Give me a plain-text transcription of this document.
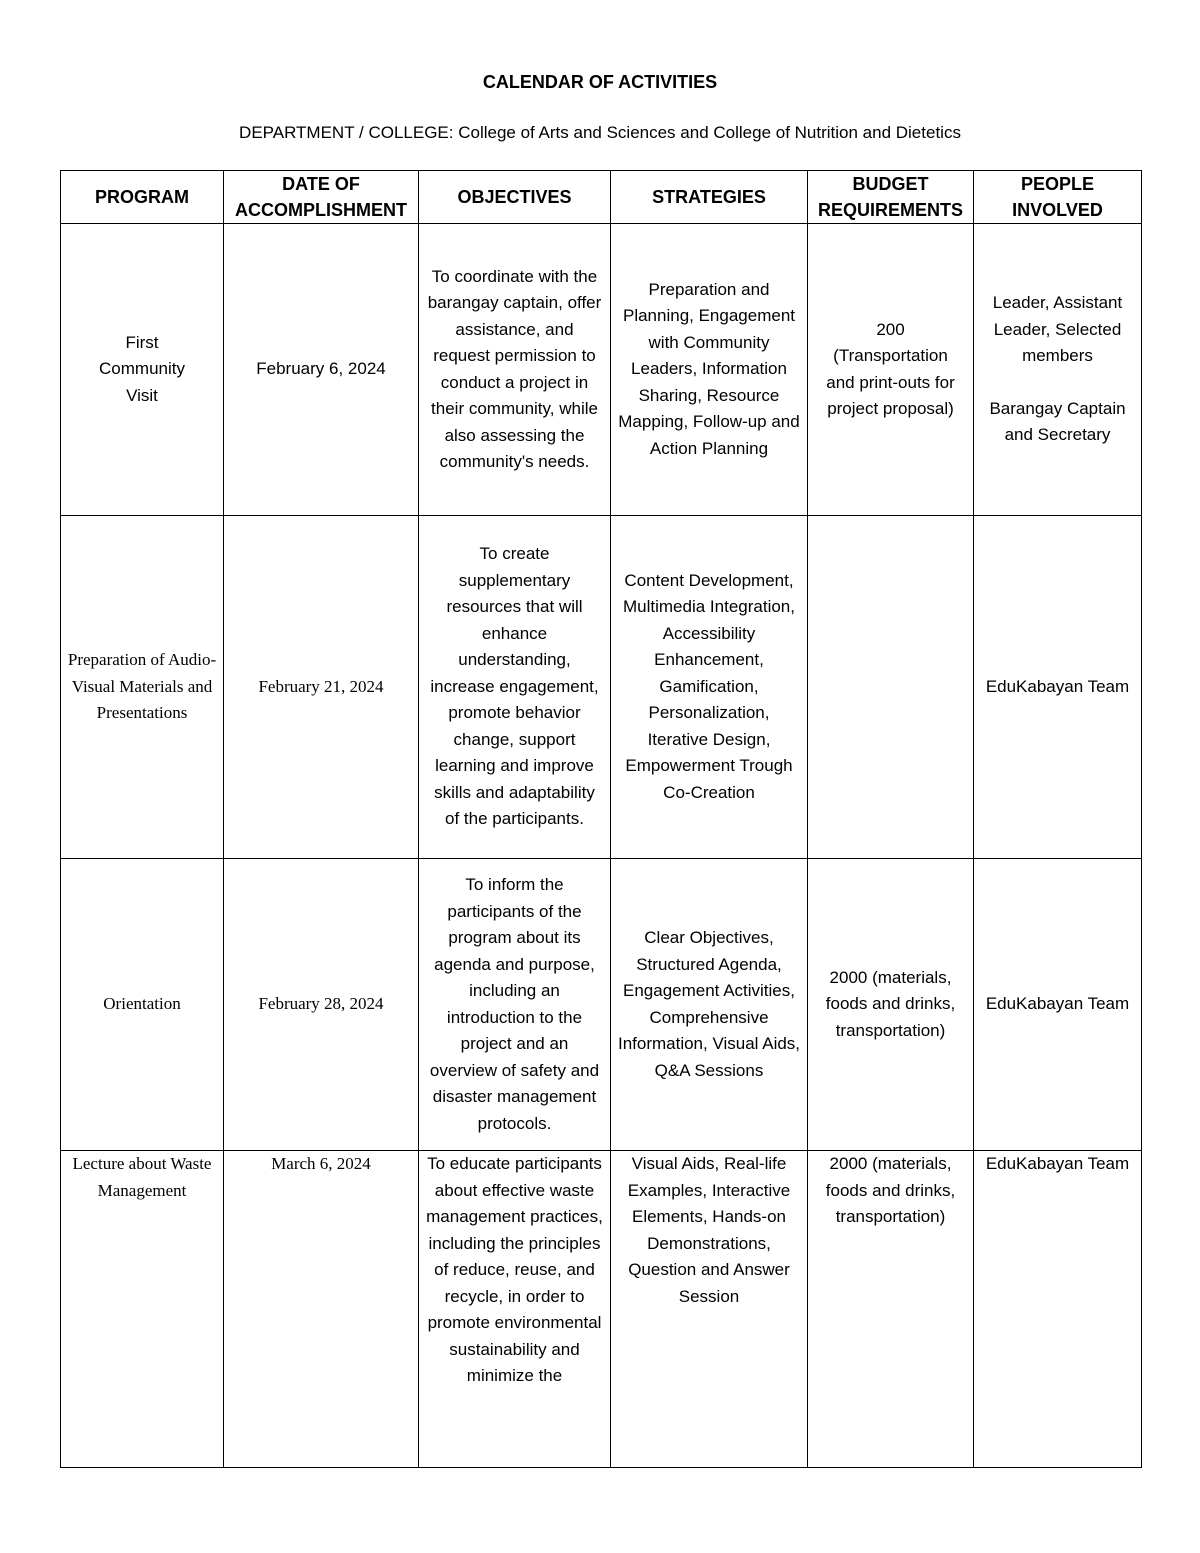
CALENDAR OF ACTIVITIES
DEPARTMENT / COLLEGE: College of Arts and Sciences and College of Nutrition and Dietetics
PROGRAM	DATE OF ACCOMPLISHMENT	OBJECTIVES	STRATEGIES	BUDGET REQUIREMENTS	PEOPLE INVOLVED
First Community Visit	February 6, 2024	To coordinate with the barangay captain, offer assistance, and request permission to conduct a project in their community, while also assessing the community's needs.	Preparation and Planning, Engagement with Community Leaders, Information Sharing, Resource Mapping, Follow-up and Action Planning	200 (Transportation and print-outs for project proposal)	Leader, Assistant Leader, Selected members
Barangay Captain and Secretary
Preparation of Audio-Visual Materials and Presentations	February 21, 2024	To create supplementary resources that will enhance understanding, increase engagement, promote behavior change, support learning and improve skills and adaptability of the participants.	Content Development, Multimedia Integration, Accessibility Enhancement, Gamification, Personalization, Iterative Design, Empowerment Trough Co-Creation		EduKabayan Team
Orientation	February 28, 2024	To inform the participants of the program about its agenda and purpose, including an introduction to the project and an overview of safety and disaster management protocols.	Clear Objectives, Structured Agenda, Engagement Activities, Comprehensive Information, Visual Aids, Q&A Sessions	2000 (materials, foods and drinks, transportation)	EduKabayan Team
Lecture about Waste Management	March 6, 2024	To educate participants about effective waste management practices, including the principles of reduce, reuse, and recycle, in order to promote environmental sustainability and minimize the	Visual Aids, Real-life Examples, Interactive Elements, Hands-on Demonstrations, Question and Answer Session	2000 (materials, foods and drinks, transportation)	EduKabayan Team
